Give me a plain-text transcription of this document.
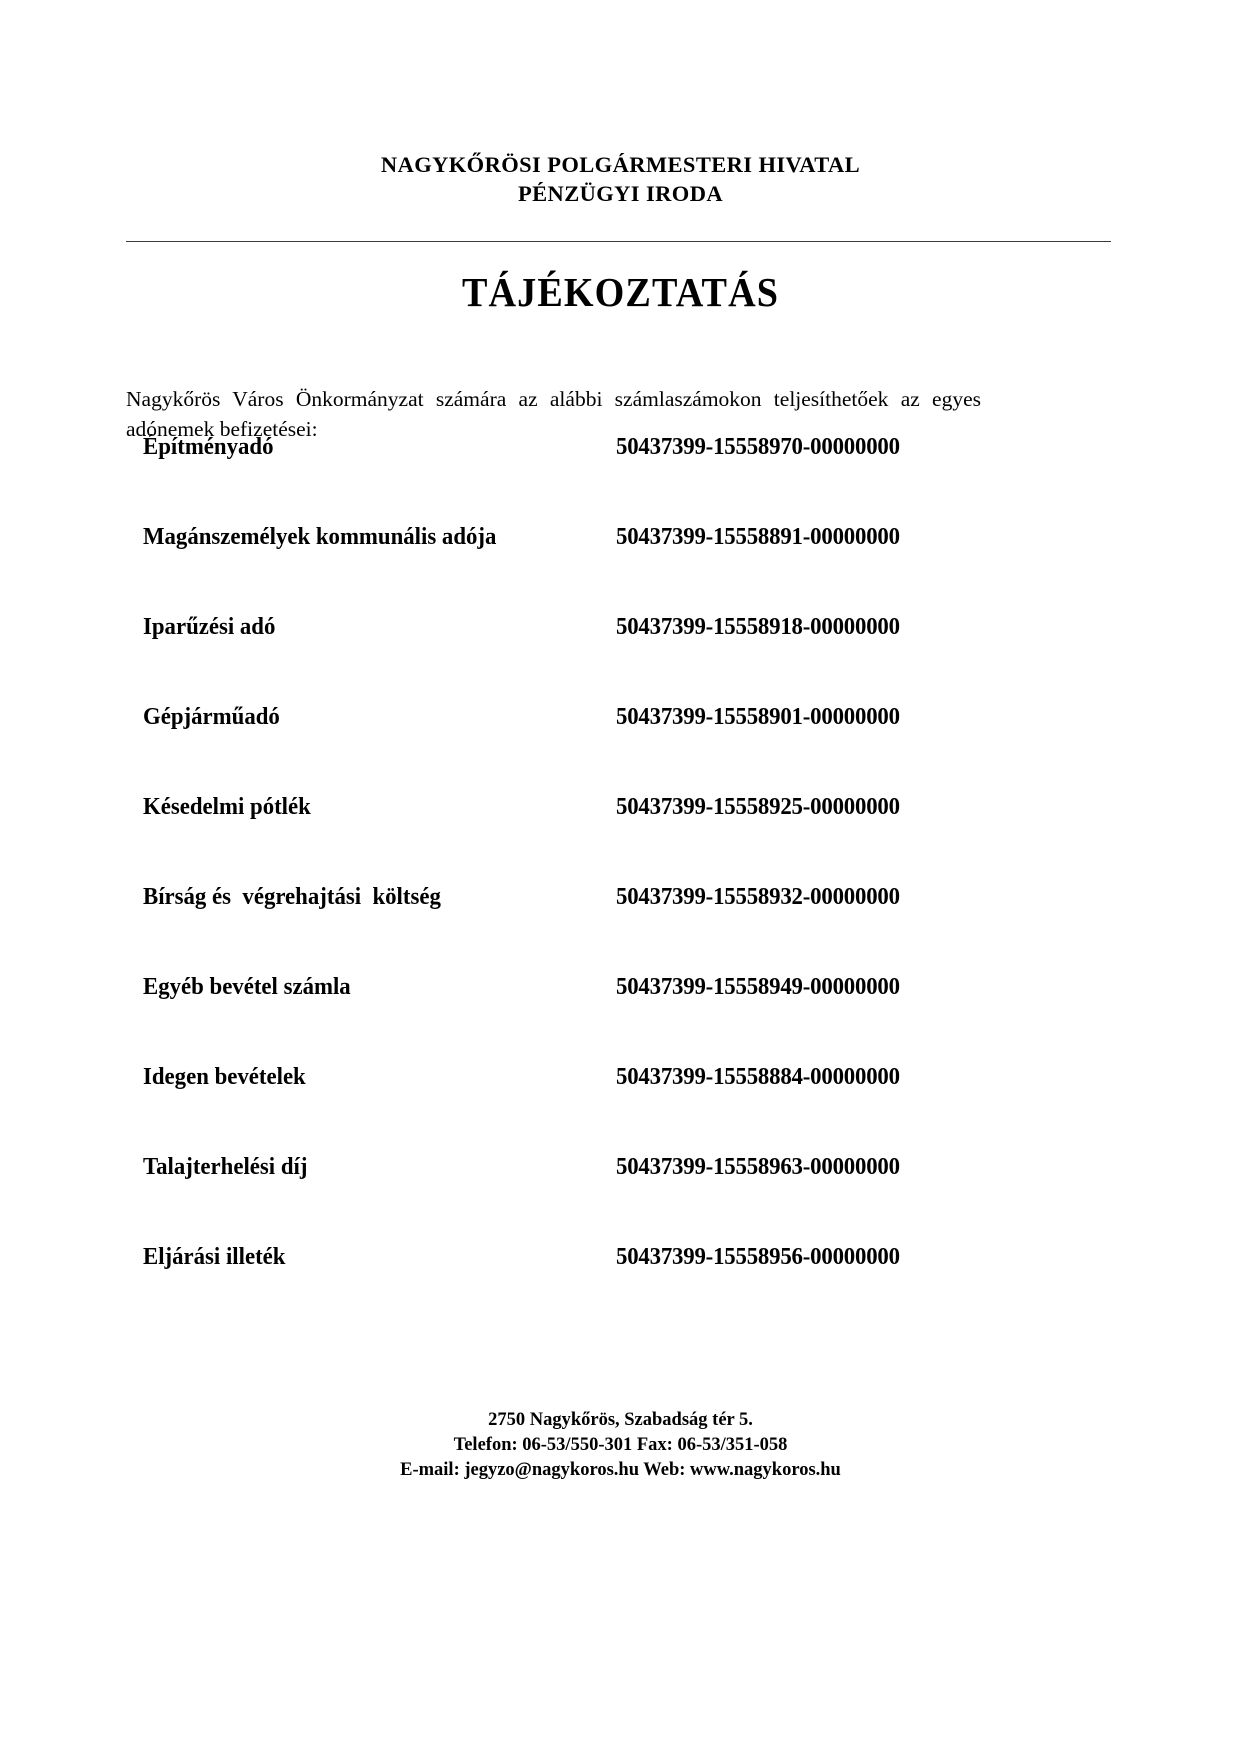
NAGYKŐRÖSI POLGÁRMESTERI HIVATAL
PÉNZÜGYI IRODA
TÁJÉKOZTATÁS

Nagykőrös Város Önkormányzat számára az alábbi számlaszámokon teljesíthetőek az egyes adónemek befizetései:

Építményadó	50437399-15558970-00000000
Magánszemélyek kommunális adója	50437399-15558891-00000000
Iparűzési adó	50437399-15558918-00000000
Gépjárműadó	50437399-15558901-00000000
Késedelmi pótlék	50437399-15558925-00000000
Bírság és  végrehajtási  költség	50437399-15558932-00000000
Egyéb bevétel számla	50437399-15558949-00000000
Idegen bevételek	50437399-15558884-00000000
Talajterhelési díj	50437399-15558963-00000000
Eljárási illeték	50437399-15558956-00000000
2750 Nagykőrös, Szabadság tér 5.
Telefon: 06-53/550-301 Fax: 06-53/351-058
E-mail: jegyzo@nagykoros.hu Web: www.nagykoros.hu
